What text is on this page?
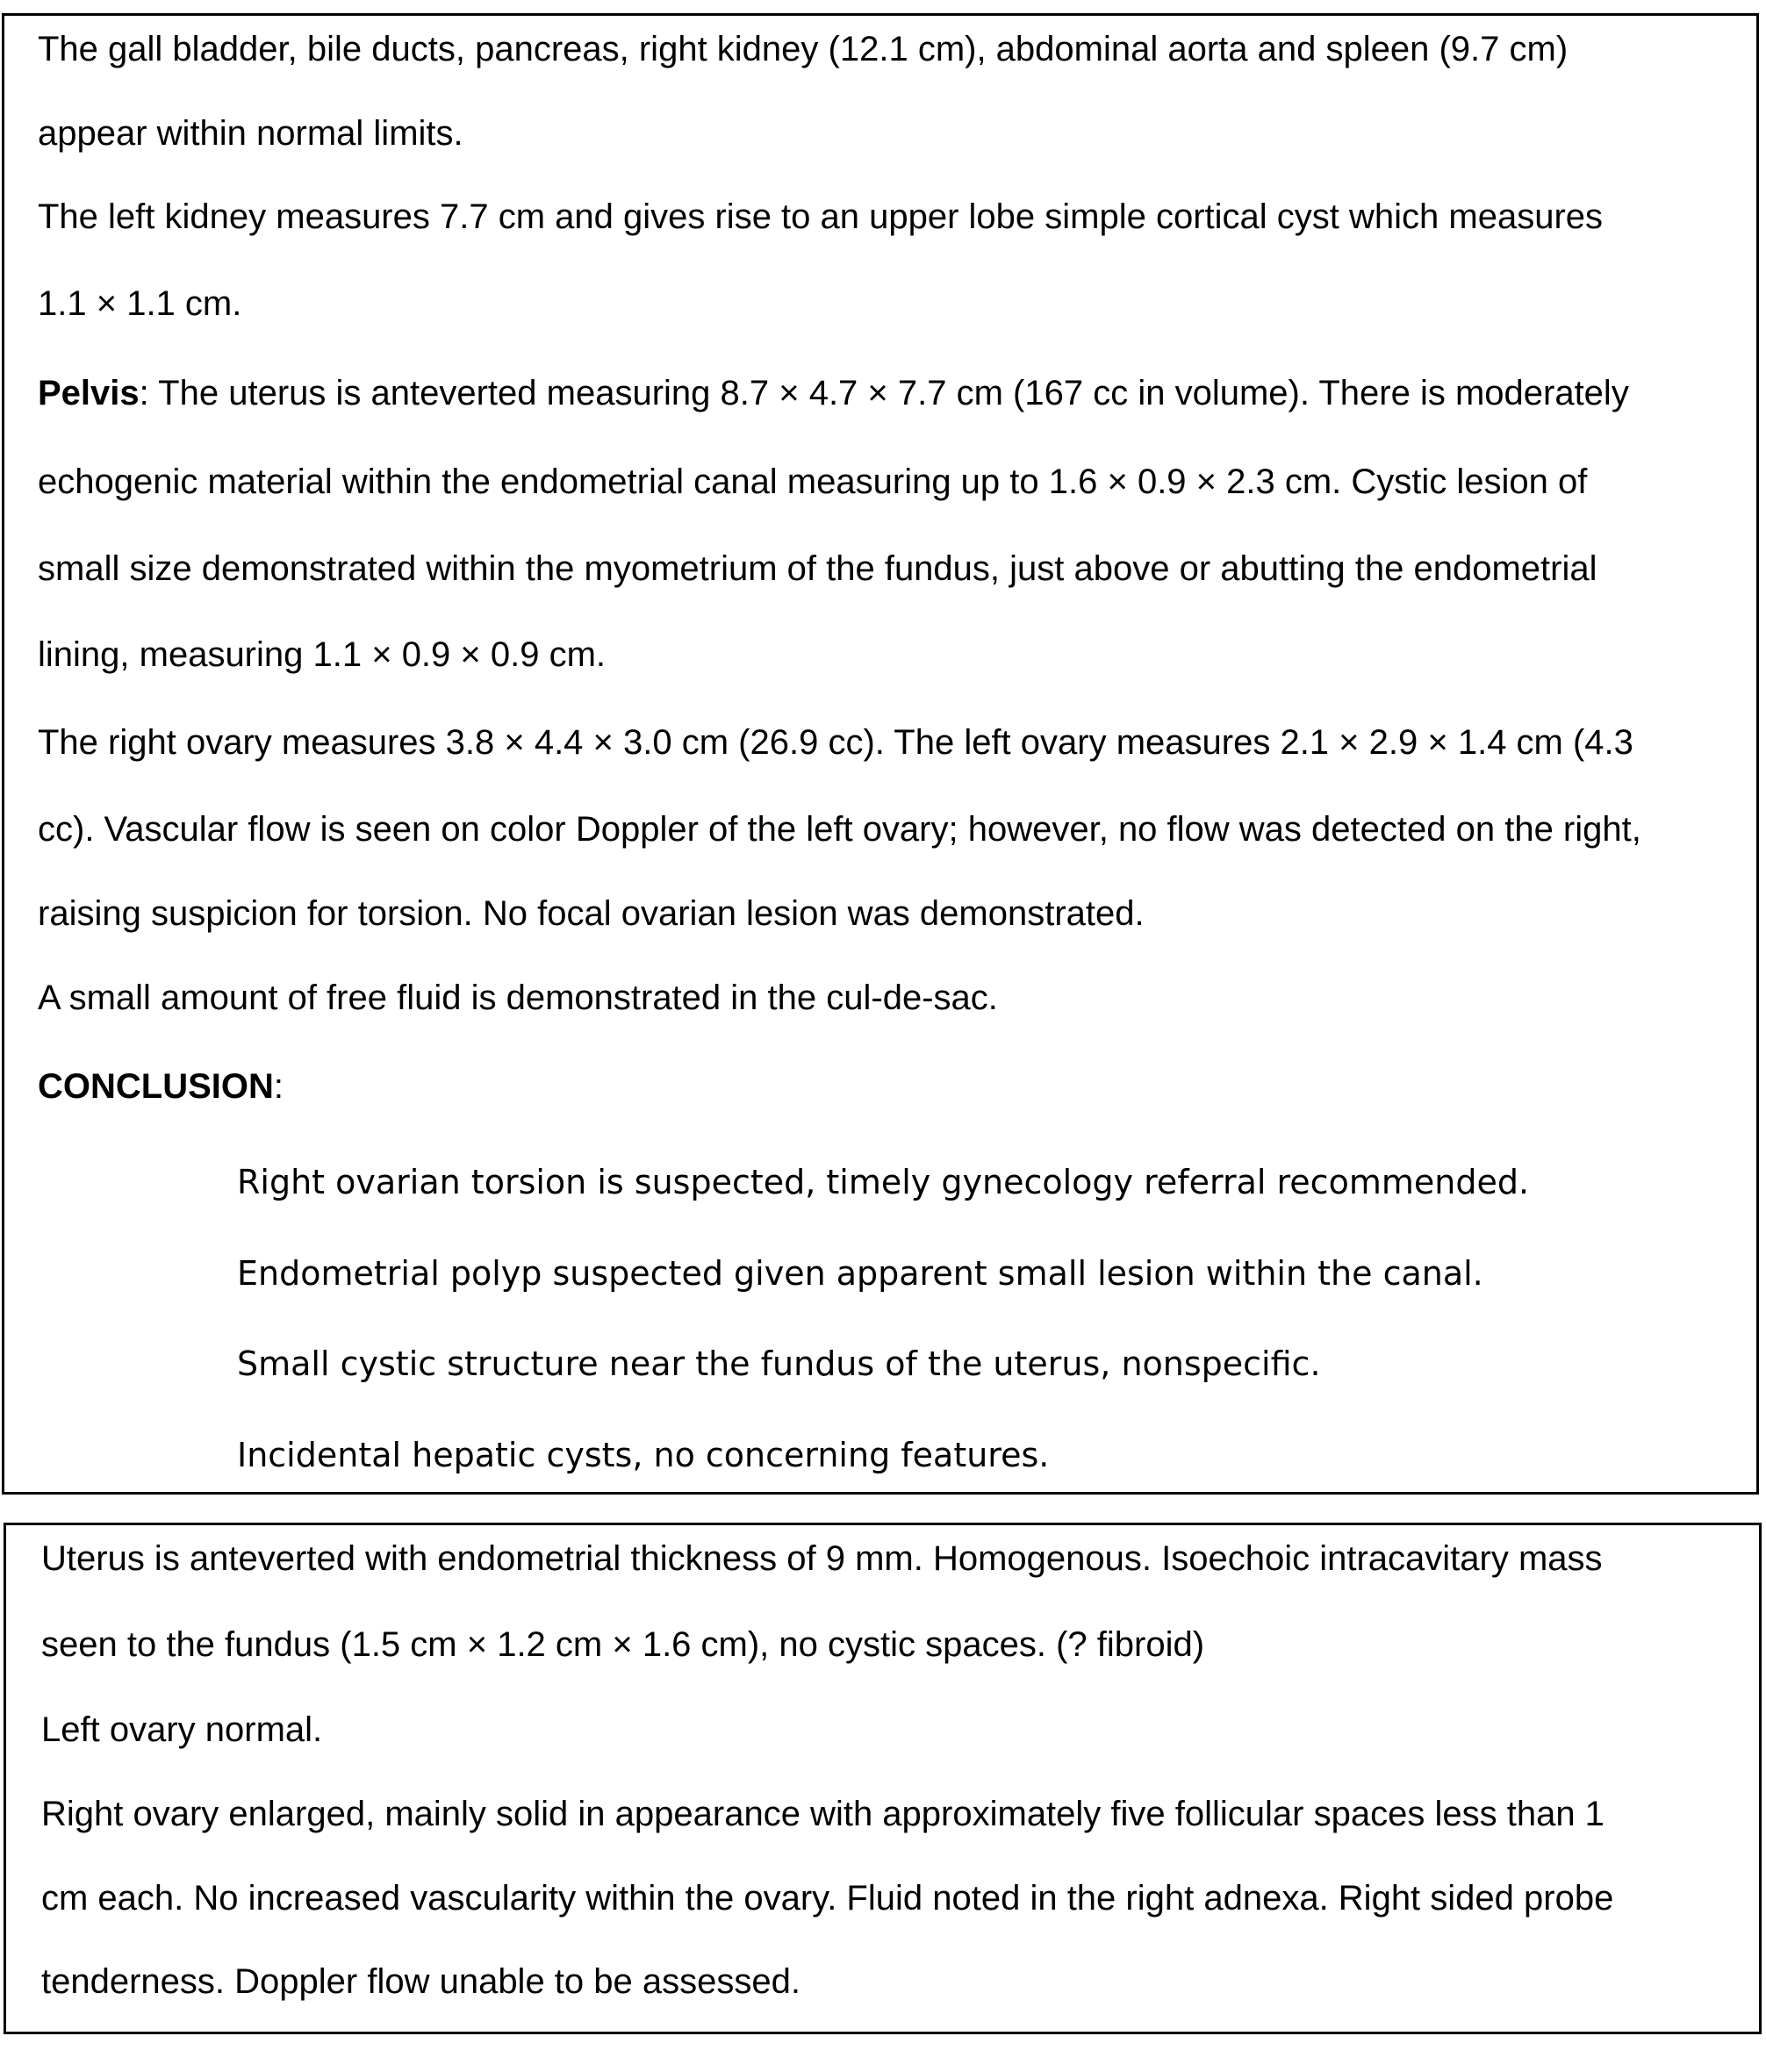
The gall bladder, bile ducts, pancreas, right kidney (12.1 cm), abdominal aorta and spleen (9.7 cm)
appear within normal limits.
The left kidney measures 7.7 cm and gives rise to an upper lobe simple cortical cyst which measures
1.1 × 1.1 cm.
Pelvis: The uterus is anteverted measuring 8.7 × 4.7 × 7.7 cm (167 cc in volume). There is moderately
echogenic material within the endometrial canal measuring up to 1.6 × 0.9 × 2.3 cm. Cystic lesion of
small size demonstrated within the myometrium of the fundus, just above or abutting the endometrial
lining, measuring 1.1 × 0.9 × 0.9 cm.
The right ovary measures 3.8 × 4.4 × 3.0 cm (26.9 cc). The left ovary measures 2.1 × 2.9 × 1.4 cm (4.3
cc). Vascular flow is seen on color Doppler of the left ovary; however, no flow was detected on the right,
raising suspicion for torsion. No focal ovarian lesion was demonstrated.
A small amount of free fluid is demonstrated in the cul-de-sac.
CONCLUSION:
Right ovarian torsion is suspected, timely gynecology referral recommended.
Endometrial polyp suspected given apparent small lesion within the canal.
Small cystic structure near the fundus of the uterus, nonspecific.
Incidental hepatic cysts, no concerning features.
Uterus is anteverted with endometrial thickness of 9 mm. Homogenous. Isoechoic intracavitary mass
seen to the fundus (1.5 cm × 1.2 cm × 1.6 cm), no cystic spaces. (? fibroid)
Left ovary normal.
Right ovary enlarged, mainly solid in appearance with approximately five follicular spaces less than 1
cm each. No increased vascularity within the ovary. Fluid noted in the right adnexa. Right sided probe
tenderness. Doppler flow unable to be assessed.
